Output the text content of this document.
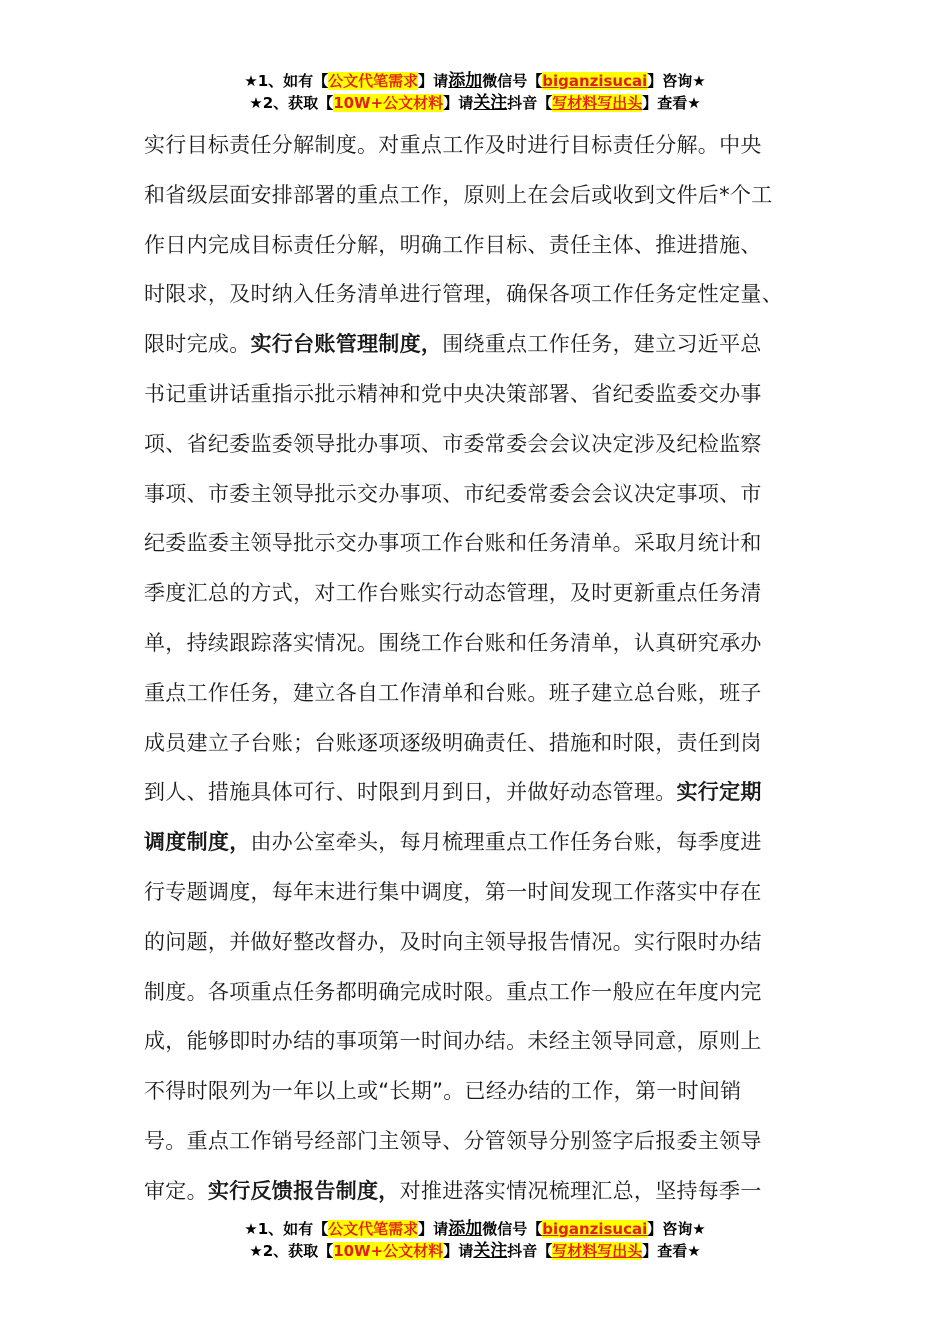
★1、如有【公文代笔需求】请添加微信号【biganzisucai】咨询★
★2、获取【10W+公文材料】请关注抖音【写材料写出头】查看★
实行目标责任分解制度。对重点工作及时进行目标责任分解。中央
和省级层面安排部署的重点工作，原则上在会后或收到文件后*个工
作日内完成目标责任分解，明确工作目标、责任主体、推进措施、
时限求，及时纳入任务清单进行管理，确保各项工作任务定性定量、
限时完成。实行台账管理制度，围绕重点工作任务，建立习近平总
书记重讲话重指示批示精神和党中央决策部署、省纪委监委交办事
项、省纪委监委领导批办事项、市委常委会会议决定涉及纪检监察
事项、市委主领导批示交办事项、市纪委常委会会议决定事项、市
纪委监委主领导批示交办事项工作台账和任务清单。采取月统计和
季度汇总的方式，对工作台账实行动态管理，及时更新重点任务清
单，持续跟踪落实情况。围绕工作台账和任务清单，认真研究承办
重点工作任务，建立各自工作清单和台账。班子建立总台账，班子
成员建立子台账；台账逐项逐级明确责任、措施和时限，责任到岗
到人、措施具体可行、时限到月到日，并做好动态管理。实行定期
调度制度，由办公室牵头，每月梳理重点工作任务台账，每季度进
行专题调度，每年末进行集中调度，第一时间发现工作落实中存在
的问题，并做好整改督办，及时向主领导报告情况。实行限时办结
制度。各项重点任务都明确完成时限。重点工作一般应在年度内完
成，能够即时办结的事项第一时间办结。未经主领导同意，原则上
不得时限列为一年以上或“长期”。已经办结的工作，第一时间销
号。重点工作销号经部门主领导、分管领导分别签字后报委主领导
审定。实行反馈报告制度，对推进落实情况梳理汇总，坚持每季一
★1、如有【公文代笔需求】请添加微信号【biganzisucai】咨询★
★2、获取【10W+公文材料】请关注抖音【写材料写出头】查看★
